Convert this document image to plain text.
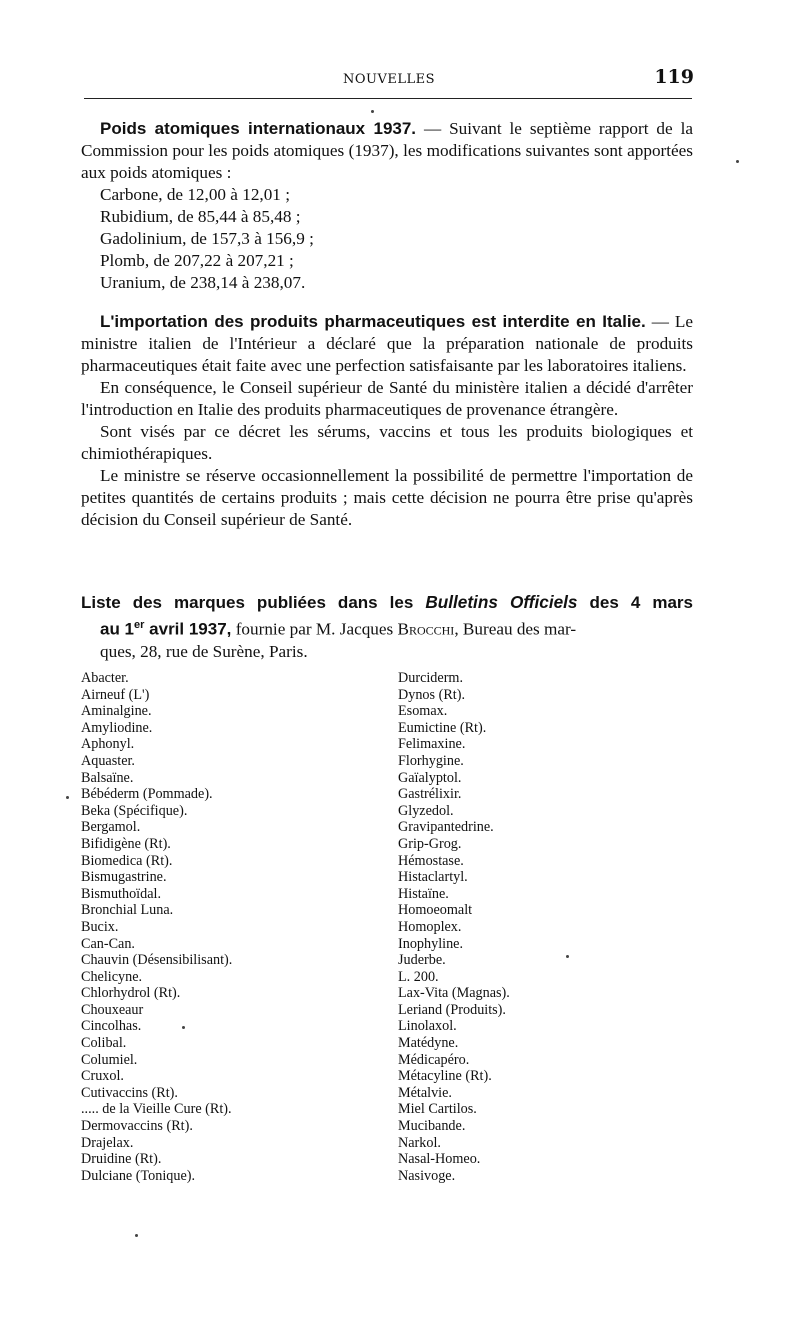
NOUVELLES	119

Poids atomiques internationaux 1937. — Suivant le septième rapport de la Commission pour les poids atomiques (1937), les modifications suivantes sont apportées aux poids atomiques :

Carbone, de 12,00 à 12,01 ;
Rubidium, de 85,44 à 85,48 ;
Gadolinium, de 157,3 à 156,9 ;
Plomb, de 207,22 à 207,21 ;
Uranium, de 238,14 à 238,07.

L'importation des produits pharmaceutiques est interdite en Italie. — Le ministre italien de l'Intérieur a déclaré que la préparation nationale de produits pharmaceutiques était faite avec une perfection satisfaisante par les laboratoires italiens.

En conséquence, le Conseil supérieur de Santé du ministère italien a décidé d'arrêter l'introduction en Italie des produits pharmaceutiques de provenance étrangère.

Sont visés par ce décret les sérums, vaccins et tous les produits biologiques et chimiothérapiques.

Le ministre se réserve occasionnellement la possibilité de permettre l'importation de petites quantités de certains produits ; mais cette décision ne pourra être prise qu'après décision du Conseil supérieur de Santé.

Liste des marques publiées dans les Bulletins Officiels des 4 mars
au 1er avril 1937, fournie par M. Jacques Brocchi, Bureau des mar-
ques, 28, rue de Surène, Paris.
Abacter.
Airneuf (L')
Aminalgine.
Amyliodine.
Aphonyl.
Aquaster.
Balsaïne.
Bébéderm (Pommade).
Beka (Spécifique).
Bergamol.
Bifidigène (Rt).
Biomedica (Rt).
Bismugastrine.
Bismuthoïdal.
Bronchial Luna.
Bucix.
Can-Can.
Chauvin (Désensibilisant).
Chelicyne.
Chlorhydrol (Rt).
Chouxeaur
Cincolhas.
Colibal.
Columiel.
Cruxol.
Cutivaccins (Rt).
..... de la Vieille Cure (Rt).
Dermovaccins (Rt).
Drajelax.
Druidine (Rt).
Dulciane (Tonique).
Durciderm.
Dynos (Rt).
Esomax.
Eumictine (Rt).
Felimaxine.
Florhygine.
Gaïalyptol.
Gastrélixir.
Glyzedol.
Gravipantedrine.
Grip-Grog.
Hémostase.
Histaclartyl.
Histaïne.
Homoeomalt
Homoplex.
Inophyline.
Juderbe.
L. 200.
Lax-Vita (Magnas).
Leriand (Produits).
Linolaxol.
Matédyne.
Médicapéro.
Métacyline (Rt).
Métalvie.
Miel Cartilos.
Mucibande.
Narkol.
Nasal-Homeo.
Nasivoge.
